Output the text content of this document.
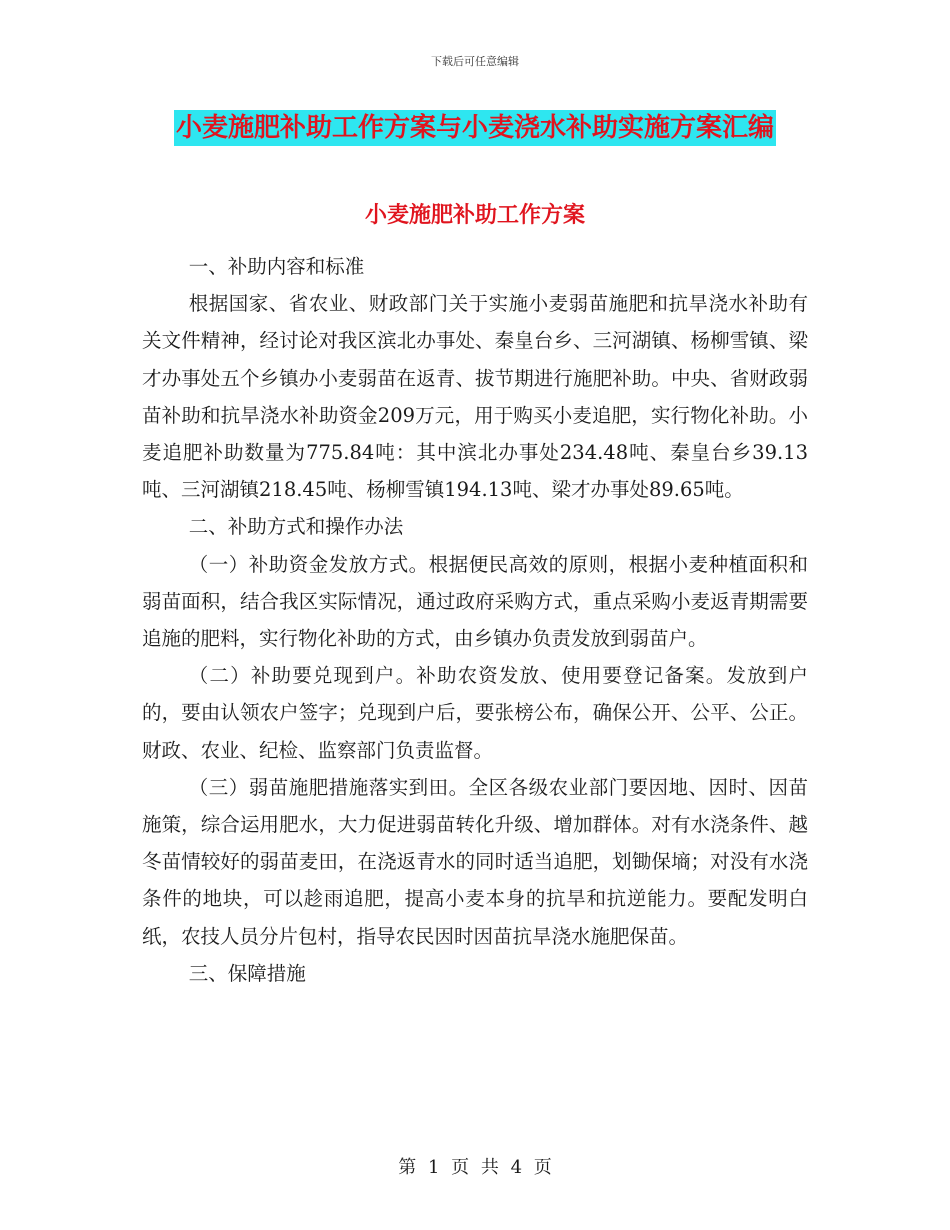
下载后可任意编辑
小麦施肥补助工作方案与小麦浇水补助实施方案汇编
小麦施肥补助工作方案

一、补助内容和标准

根据国家、省农业、财政部门关于实施小麦弱苗施肥和抗旱浇水补助有关文件精神，经讨论对我区滨北办事处、秦皇台乡、三河湖镇、杨柳雪镇、梁才办事处五个乡镇办小麦弱苗在返青、拔节期进行施肥补助。中央、省财政弱苗补助和抗旱浇水补助资金209万元，用于购买小麦追肥，实行物化补助。小麦追肥补助数量为775.84吨：其中滨北办事处234.48吨、秦皇台乡39.13吨、三河湖镇218.45吨、杨柳雪镇194.13吨、梁才办事处89.65吨。

二、补助方式和操作办法

（一）补助资金发放方式。根据便民高效的原则，根据小麦种植面积和弱苗面积，结合我区实际情况，通过政府采购方式，重点采购小麦返青期需要追施的肥料，实行物化补助的方式，由乡镇办负责发放到弱苗户。

（二）补助要兑现到户。补助农资发放、使用要登记备案。发放到户的，要由认领农户签字；兑现到户后，要张榜公布，确保公开、公平、公正。财政、农业、纪检、监察部门负责监督。

（三）弱苗施肥措施落实到田。全区各级农业部门要因地、因时、因苗施策，综合运用肥水，大力促进弱苗转化升级、增加群体。对有水浇条件、越冬苗情较好的弱苗麦田，在浇返青水的同时适当追肥，划锄保墒；对没有水浇条件的地块，可以趁雨追肥，提高小麦本身的抗旱和抗逆能力。要配发明白纸，农技人员分片包村，指导农民因时因苗抗旱浇水施肥保苗。

三、保障措施

第 1 页 共 4 页
